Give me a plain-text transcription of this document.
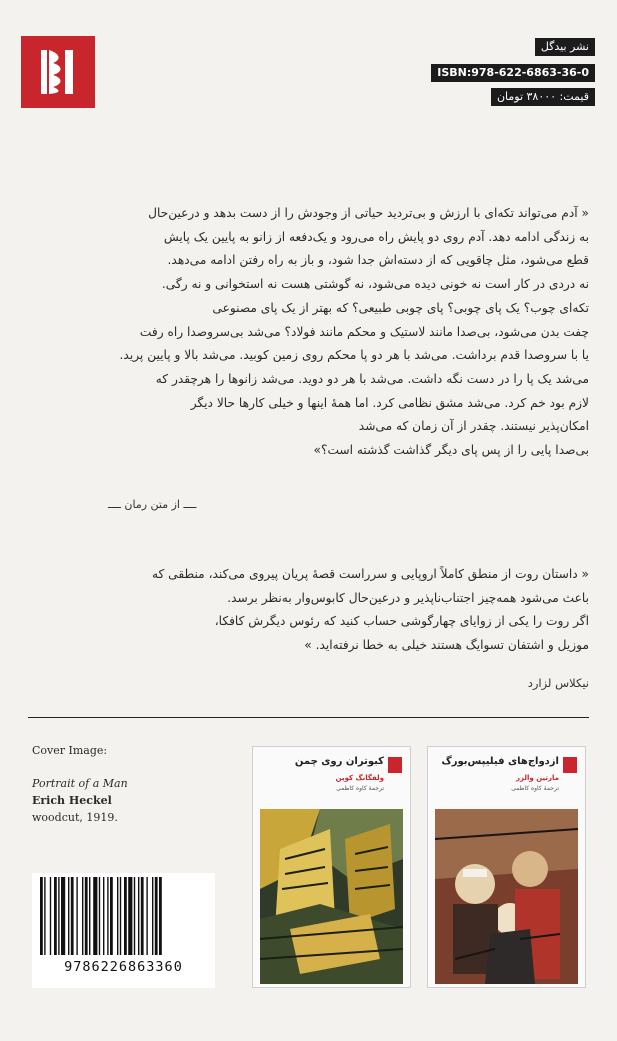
نشر بیدگل
ISBN:978-622-6863-36-0
قیمت: ۳۸۰۰۰ تومان
« آدم می‌تواند تکه‌ای با ارزش و بی‌تردید حیاتی از وجودش را از دست بدهد و درعین‌حال
به زندگی ادامه دهد. آدم روی دو پایش راه می‌رود و یک‌دفعه از زانو به پایین یک پایش
قطع می‌شود، مثل چاقویی که از دسته‌اش جدا شود، و باز به راه رفتن ادامه می‌دهد.
نه دردی در کار است نه خونی دیده می‌شود، نه گوشتی هست نه استخوانی و نه رگی.
تکه‌ای چوب؟ یک پای چوبی؟ پای چوبی طبیعی؟ که بهتر از یک پای مصنوعی
چفت بدن می‌شود، بی‌صدا مانند لاستیک و محکم مانند فولاد؟ می‌شد بی‌سروصدا راه رفت
یا با سروصدا قدم برداشت. می‌شد با هر دو پا محکم روی زمین کوبید. می‌شد بالا و پایین پرید.
می‌شد یک پا را در دست نگه داشت. می‌شد با هر دو دوید. می‌شد زانوها را هرچقدر که
لازم بود خم کرد. می‌شد مشق نظامی کرد. اما همهٔ اینها و خیلی کارها حالا دیگر
امکان‌پذیر نیستند. چقدر از آن زمان که می‌شد
بی‌صدا پایی را از پس پای دیگر گذاشت گذشته است؟»
ــــ از متن رمان ــــ
« داستان روت از منطق کاملاً اروپایی و سرراست قصهٔ پریان پیروی می‌کند، منطقی که
باعث می‌شود همه‌چیز اجتناب‌ناپذیر و درعین‌حال کابوس‌وار به‌نظر برسد.
اگر روت را یکی از زوایای چهارگوشی حساب کنید که رئوس دیگرش کافکا،
موزیل و اشتفان تسوایگ هستند خیلی به خطا نرفته‌اید. »
نیکلاس لزارد
Cover Image:
Portrait of a Man
Erich Heckel
woodcut, 1919.
9786226863360
کبوتران روی چمن
ولفگانگ کوپن
ترجمهٔ کاوه کاظمی
ازدواج‌های فیلیپس‌بورگ
مارتین والزر
ترجمهٔ کاوه کاظمی
